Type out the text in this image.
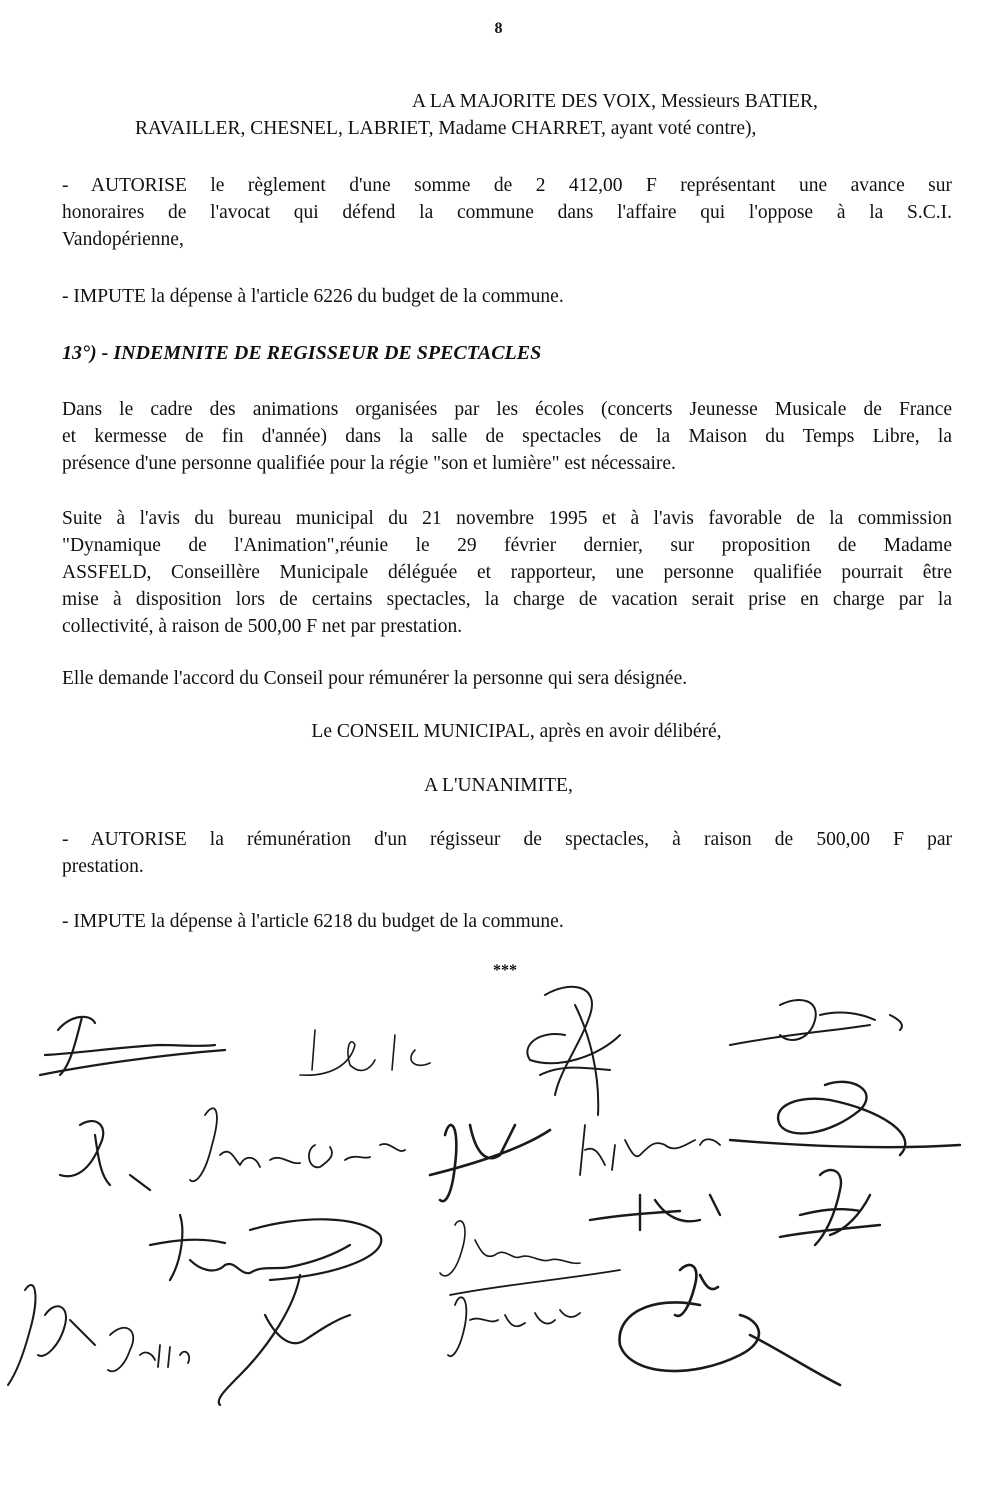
8
A LA MAJORITE DES VOIX, Messieurs BATIER,
RAVAILLER, CHESNEL, LABRIET, Madame CHARRET, ayant voté contre),
- AUTORISE le règlement d'une somme de 2 412,00 F représentant une avance sur
honoraires de l'avocat qui défend la commune dans l'affaire qui l'oppose à la S.C.I.
Vandopérienne,
- IMPUTE la dépense à l'article 6226 du budget de la commune.
13°) - INDEMNITE DE REGISSEUR DE SPECTACLES
Dans le cadre des animations organisées par les écoles (concerts Jeunesse Musicale de France
et kermesse de fin d'année) dans la salle de spectacles de la Maison du Temps Libre, la
présence d'une personne qualifiée pour la régie "son et lumière" est nécessaire.
Suite à l'avis du bureau municipal du 21 novembre 1995 et à l'avis favorable de la commission
"Dynamique de l'Animation",réunie le 29 février dernier, sur proposition de Madame
ASSFELD, Conseillère Municipale déléguée et rapporteur, une personne qualifiée pourrait être
mise à disposition lors de certains spectacles, la charge de vacation serait prise en charge par la
collectivité, à raison de 500,00 F net par prestation.
Elle demande l'accord du Conseil pour rémunérer la personne qui sera désignée.
Le CONSEIL MUNICIPAL, après en avoir délibéré,
A L'UNANIMITE,
- AUTORISE la rémunération d'un régisseur de spectacles, à raison de 500,00 F par
prestation.
- IMPUTE la dépense à l'article 6218 du budget de la commune.
***
